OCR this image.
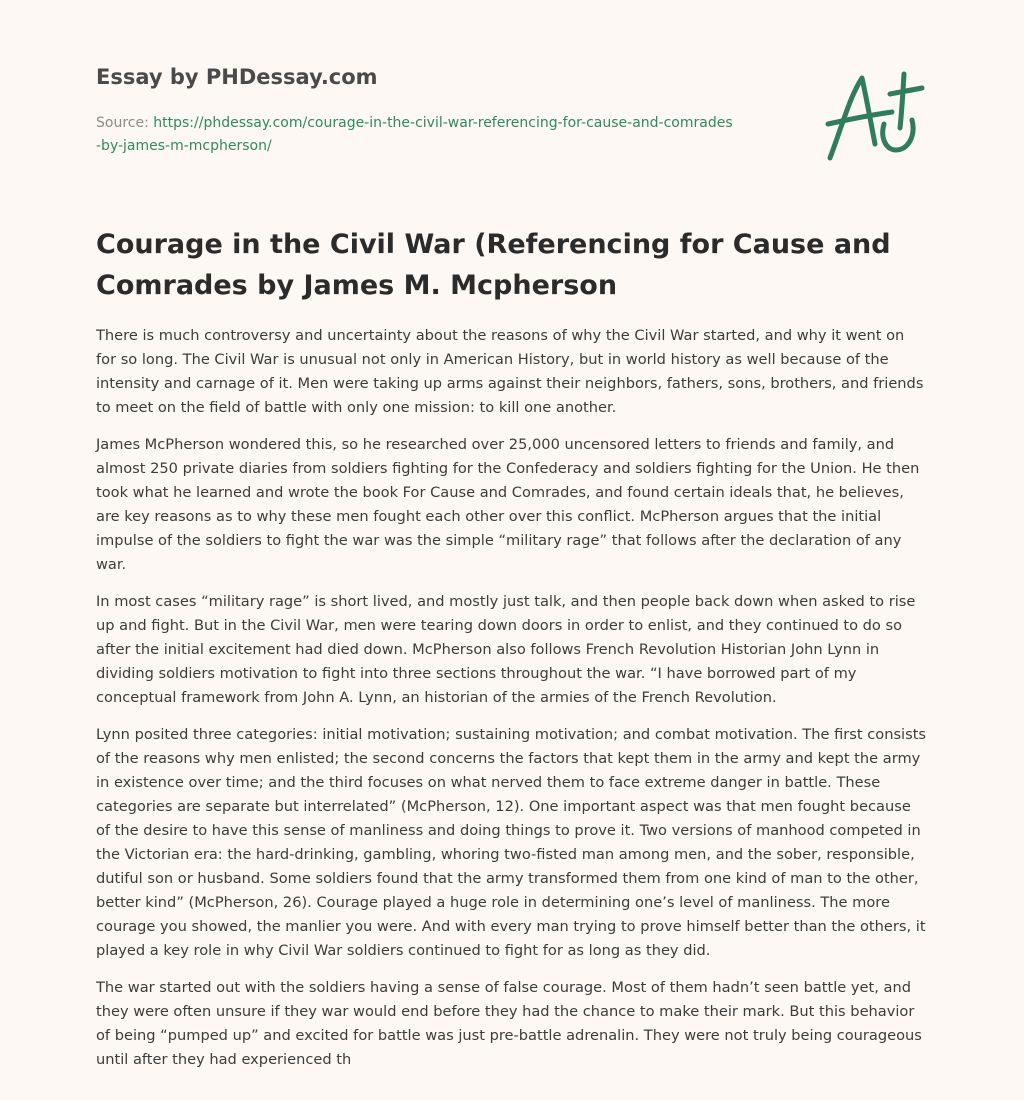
Essay by PHDessay.com
Source: https://phdessay.com/courage-in-the-civil-war-referencing-for-cause-and-comrades-by-james-m-mcpherson/
Courage in the Civil War (Referencing for Cause and Comrades by James M. Mcpherson

There is much controversy and uncertainty about the reasons of why the Civil War started, and why it went on for so long. The Civil War is unusual not only in American History, but in world history as well because of the intensity and carnage of it. Men were taking up arms against their neighbors, fathers, sons, brothers, and friends to meet on the field of battle with only one mission: to kill one another.

James McPherson wondered this, so he researched over 25,000 uncensored letters to friends and family, and almost 250 private diaries from soldiers fighting for the Confederacy and soldiers fighting for the Union. He then took what he learned and wrote the book For Cause and Comrades, and found certain ideals that, he believes, are key reasons as to why these men fought each other over this conflict. McPherson argues that the initial impulse of the soldiers to fight the war was the simple “military rage” that follows after the declaration of any war.

In most cases “military rage” is short lived, and mostly just talk, and then people back down when asked to rise up and fight. But in the Civil War, men were tearing down doors in order to enlist, and they continued to do so after the initial excitement had died down. McPherson also follows French Revolution Historian John Lynn in dividing soldiers motivation to fight into three sections throughout the war. “I have borrowed part of my conceptual framework from John A. Lynn, an historian of the armies of the French Revolution.

Lynn posited three categories: initial motivation; sustaining motivation; and combat motivation. The first consists of the reasons why men enlisted; the second concerns the factors that kept them in the army and kept the army in existence over time; and the third focuses on what nerved them to face extreme danger in battle. These categories are separate but interrelated” (McPherson, 12). One important aspect was that men fought because of the desire to have this sense of manliness and doing things to prove it. Two versions of manhood competed in the Victorian era: the hard-drinking, gambling, whoring two-fisted man among men, and the sober, responsible, dutiful son or husband. Some soldiers found that the army transformed them from one kind of man to the other, better kind” (McPherson, 26). Courage played a huge role in determining one’s level of manliness. The more courage you showed, the manlier you were. And with every man trying to prove himself better than the others, it played a key role in why Civil War soldiers continued to fight for as long as they did.

The war started out with the soldiers having a sense of false courage. Most of them hadn’t seen battle yet, and they were often unsure if they war would end before they had the chance to make their mark. But this behavior of being “pumped up” and excited for battle was just pre-battle adrenalin. They were not truly being courageous until after they had experienced th
